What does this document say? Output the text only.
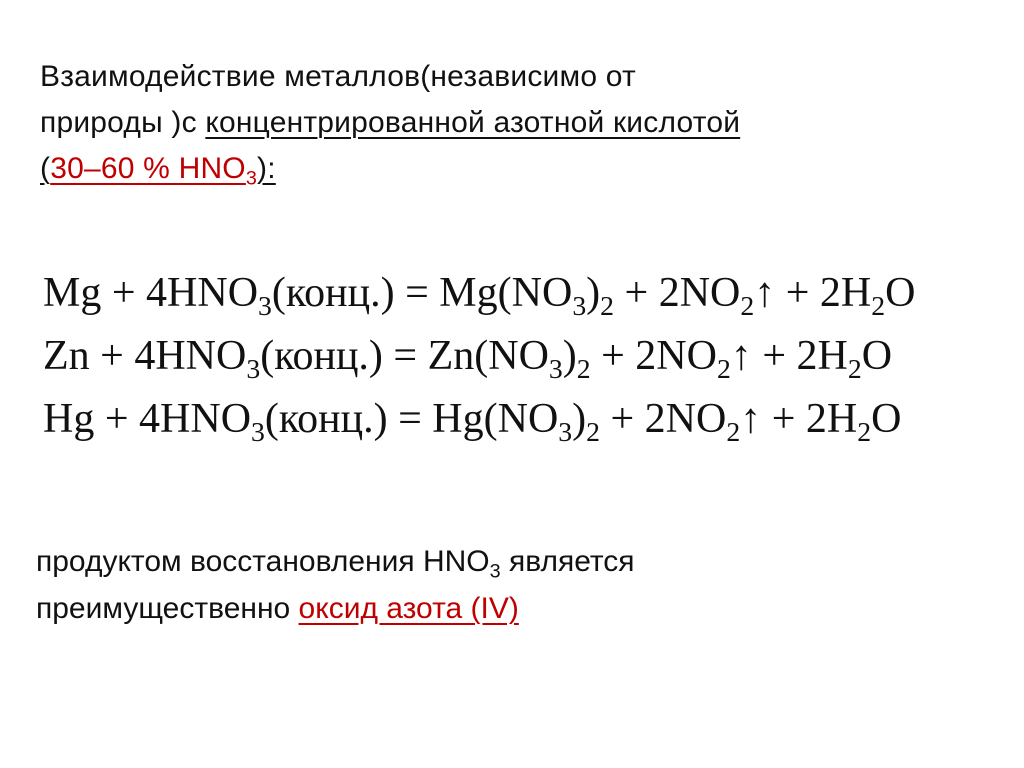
Взаимодействие металлов(независимо от
природы )с концентрированной азотной кислотой
(30–60 % $HNO_3$):
$Mg + 4HNO_3(конц.) = Mg(NO_3)_2$ + $2NO_2↑ + 2H_2O$
$Zn + 4HNO_3(конц.) = Zn(NO_3)_2$ + $2NO_2↑ + 2H_2O$
$Hg + 4HNO_3(конц.) = Hg(NO_3)_2$ + $2NO_2↑ + 2H_2O$
продуктом восстановления $HNO_3$ является
преимущественно оксид азота (IV)
